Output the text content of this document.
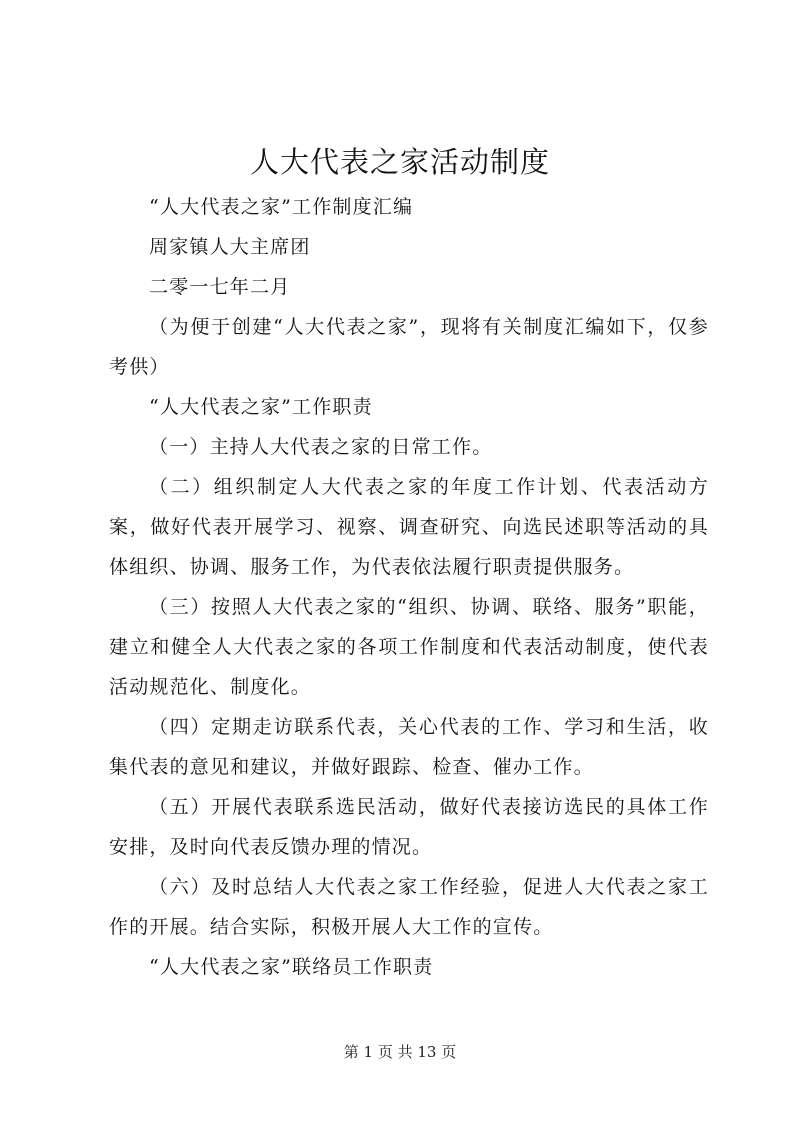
人大代表之家活动制度
“人大代表之家”工作制度汇编
周家镇人大主席团
二零一七年二月
（为便于创建“人大代表之家”，现将有关制度汇编如下，仅参考供）
“人大代表之家”工作职责
（一）主持人大代表之家的日常工作。
（二）组织制定人大代表之家的年度工作计划、代表活动方案，做好代表开展学习、视察、调查研究、向选民述职等活动的具体组织、协调、服务工作，为代表依法履行职责提供服务。
（三）按照人大代表之家的“组织、协调、联络、服务”职能，建立和健全人大代表之家的各项工作制度和代表活动制度，使代表活动规范化、制度化。
（四）定期走访联系代表，关心代表的工作、学习和生活，收集代表的意见和建议，并做好跟踪、检查、催办工作。
（五）开展代表联系选民活动，做好代表接访选民的具体工作安排，及时向代表反馈办理的情况。
（六）及时总结人大代表之家工作经验，促进人大代表之家工作的开展。结合实际，积极开展人大工作的宣传。
“人大代表之家”联络员工作职责
第 1 页 共 13 页
